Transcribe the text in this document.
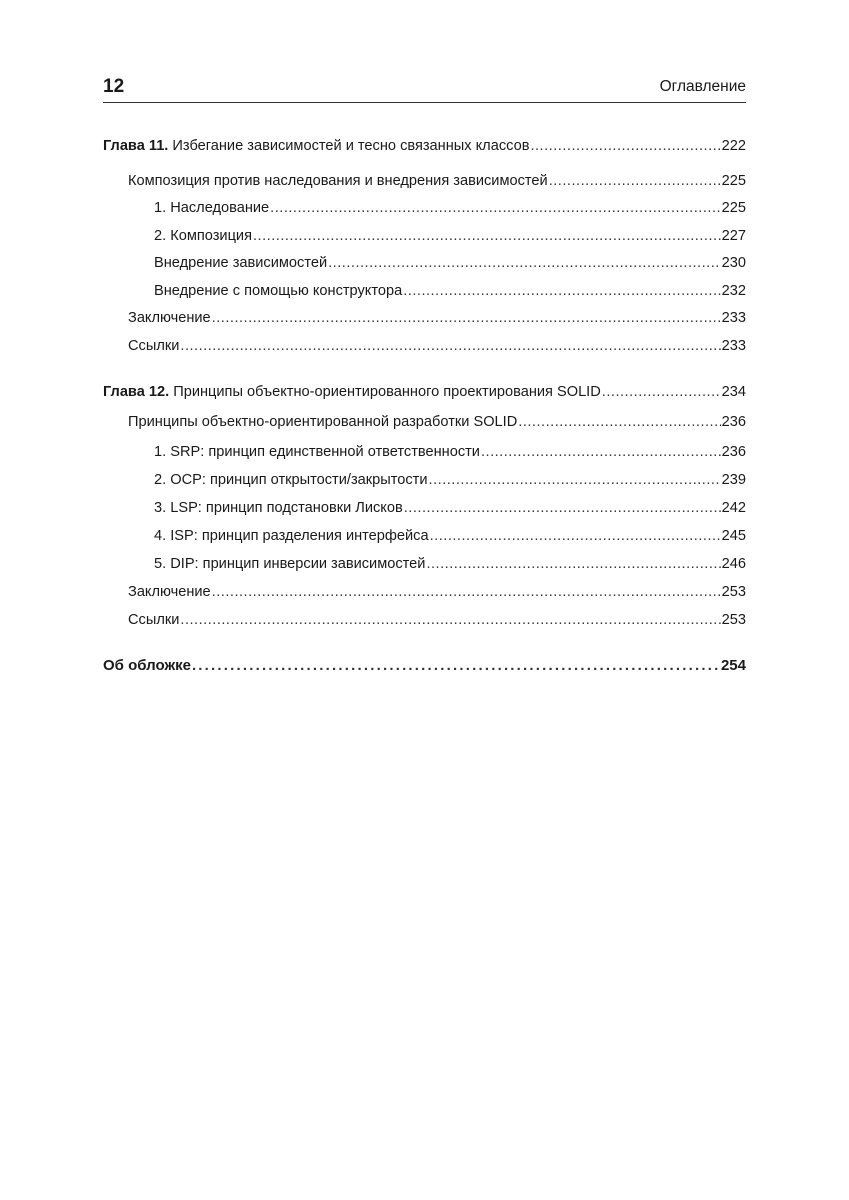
12	Оглавление
Глава 11. Избегание зависимостей и тесно связанных классов .....	222
Композиция против наследования и внедрения зависимостей .....	225
1. Наследование .....	225
2. Композиция .....	227
Внедрение зависимостей .....	230
Внедрение с помощью конструктора .....	232
Заключение .....	233
Ссылки .....	233
Глава 12. Принципы объектно-ориентированного проектирования SOLID .....	234
Принципы объектно-ориентированной разработки SOLID .....	236
1. SRP: принцип единственной ответственности .....	236
2. OCP: принцип открытости/закрытости .....	239
3. LSP: принцип подстановки Лисков .....	242
4. ISP: принцип разделения интерфейса .....	245
5. DIP: принцип инверсии зависимостей .....	246
Заключение .....	253
Ссылки .....	253
Об обложке .....	254
